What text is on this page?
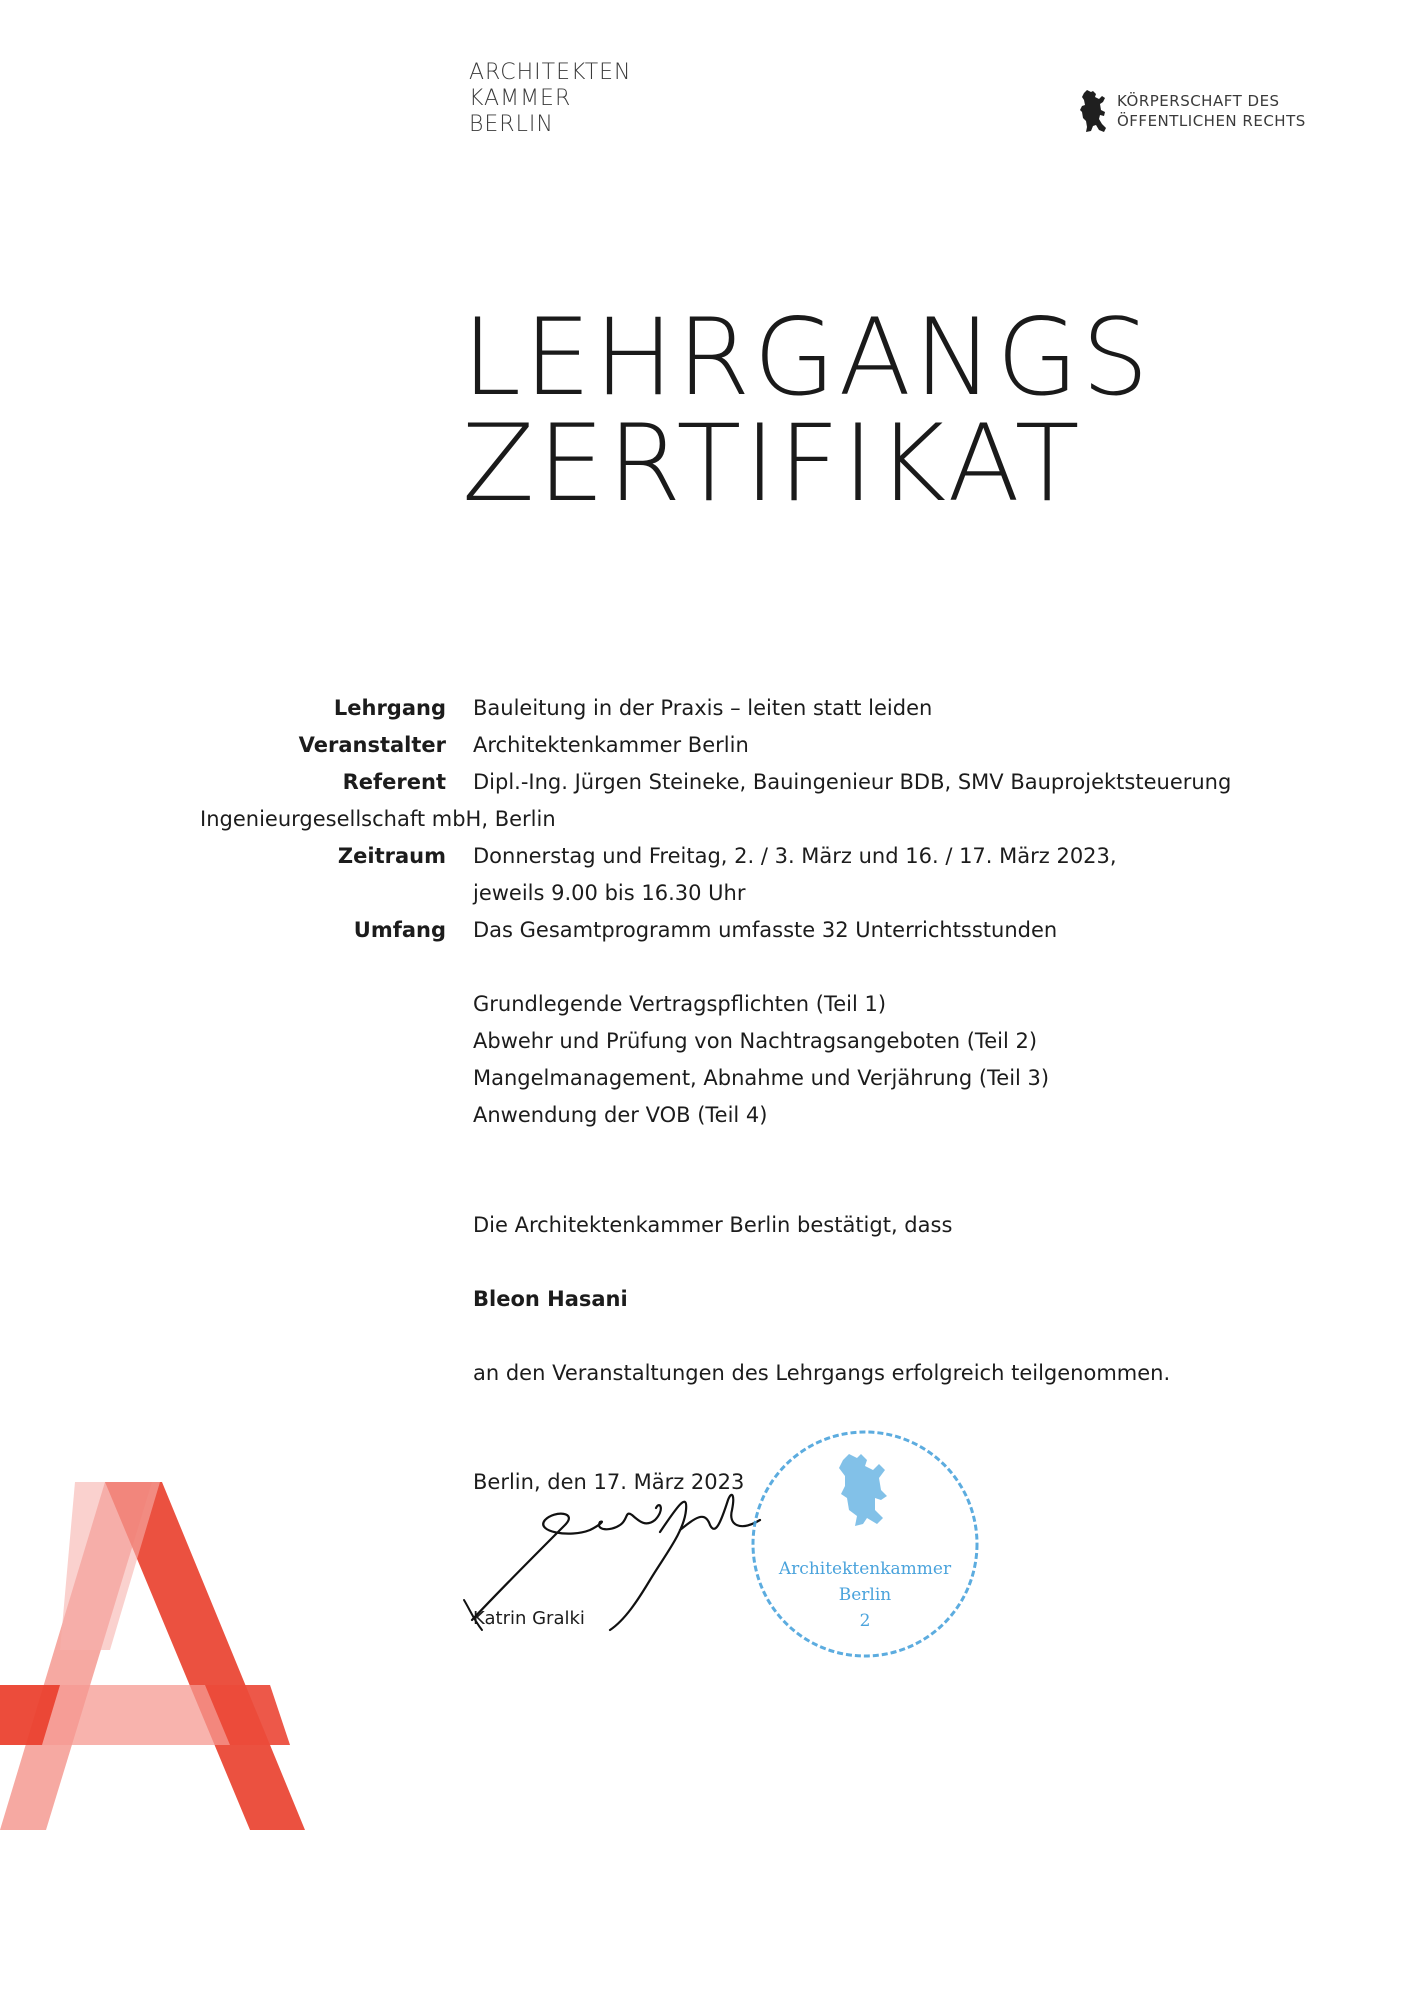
ARCHITEKTEN
KAMMER
BERLIN
KÖRPERSCHAFT DES
ÖFFENTLICHEN RECHTS
LEHRGANGS
ZERTIFIKAT
Lehrgang Bauleitung in der Praxis – leiten statt leiden
Veranstalter Architektenkammer Berlin
Referent Dipl.-Ing. Jürgen Steineke, Bauingenieur BDB, SMV Bauprojektsteuerung
Ingenieurgesellschaft mbH, Berlin
Zeitraum Donnerstag und Freitag, 2. / 3. März und 16. / 17. März 2023,
jeweils 9.00 bis 16.30 Uhr
Umfang Das Gesamtprogramm umfasste 32 Unterrichtsstunden
Grundlegende Vertragspflichten (Teil 1)
Abwehr und Prüfung von Nachtragsangeboten (Teil 2)
Mangelmanagement, Abnahme und Verjährung (Teil 3)
Anwendung der VOB (Teil 4)
Die Architektenkammer Berlin bestätigt, dass
Bleon Hasani
an den Veranstaltungen des Lehrgangs erfolgreich teilgenommen.
Berlin, den 17. März 2023
Katrin Gralki
Architektenkammer
Berlin
2
